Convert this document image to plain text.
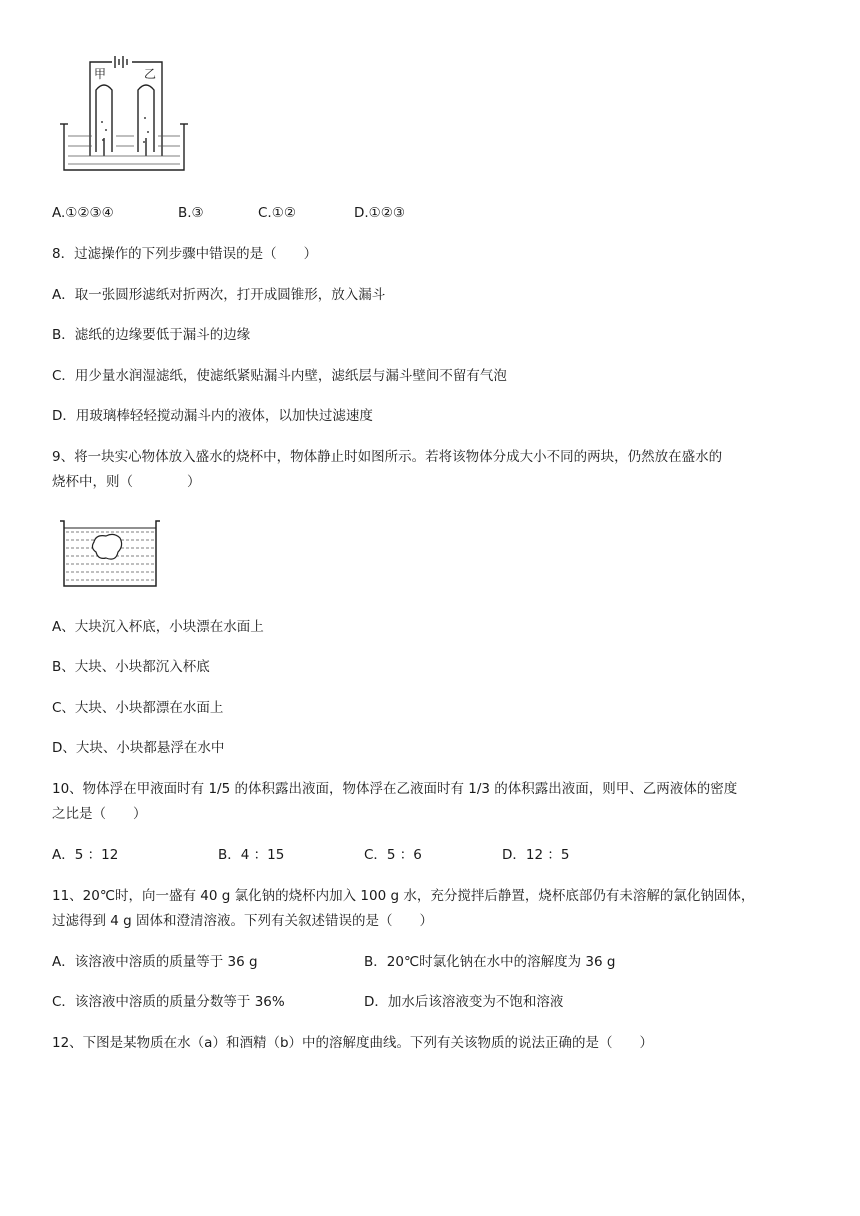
甲	乙
A.①②③④	B.③	C.①②	D.①②③
8．过滤操作的下列步骤中错误的是（　　）
A．取一张圆形滤纸对折两次，打开成圆锥形，放入漏斗
B．滤纸的边缘要低于漏斗的边缘
C．用少量水润湿滤纸，使滤纸紧贴漏斗内壁，滤纸层与漏斗壁间不留有气泡
D．用玻璃棒轻轻搅动漏斗内的液体，以加快过滤速度
9、将一块实心物体放入盛水的烧杯中，物体静止时如图所示。若将该物体分成大小不同的两块，仍然放在盛水的
烧杯中，则（　　　　）
A、大块沉入杯底，小块漂在水面上
B、大块、小块都沉入杯底
C、大块、小块都漂在水面上
D、大块、小块都悬浮在水中
10、物体浮在甲液面时有 1/5 的体积露出液面，物体浮在乙液面时有 1/3 的体积露出液面，则甲、乙两液体的密度
之比是（　　）
A．5 ：12	B．4 ：15	C．5 ：6	D．12 ：5
11、20℃时，向一盛有 40 g 氯化钠的烧杯内加入 100 g 水，充分搅拌后静置，烧杯底部仍有未溶解的氯化钠固体，
过滤得到 4 g 固体和澄清溶液。下列有关叙述错误的是（　　）
A．该溶液中溶质的质量等于 36 g	B．20℃时氯化钠在水中的溶解度为 36 g
C．该溶液中溶质的质量分数等于 36%	D．加水后该溶液变为不饱和溶液
12、下图是某物质在水（a）和酒精（b）中的溶解度曲线。下列有关该物质的说法正确的是（　　）
